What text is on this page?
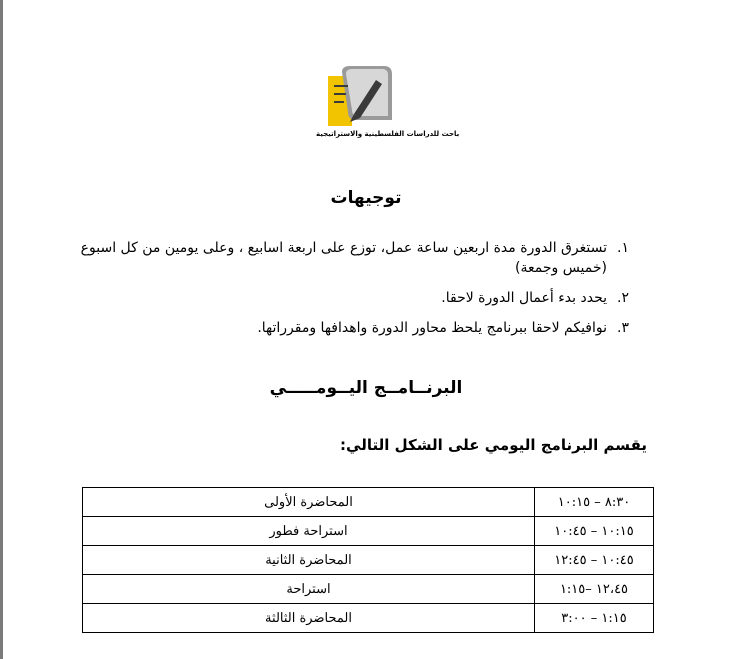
باحث للدراسات الفلسطينية والاستراتيجية
توجيهات
١.تستغرق الدورة مدة اربعين ساعة عمل، توزع على اربعة اسابيع ، وعلى يومين من كل اسبوع
(خميس وجمعة)
٢.يحدد بدء أعمال الدورة لاحقا.
٣.نوافيكم لاحقا ببرنامج يلحظ محاور الدورة واهدافها ومقرراتها.
البرنــامــج اليــومـــــي
يقسم البرنامج اليومي على الشكل التالي:
٨:٣٠ – ١٠:١٥	المحاضرة الأولى
١٠:١٥ – ١٠:٤٥	استراحة فطور
١٠:٤٥ – ١٢:٤٥	المحاضرة الثانية
١٢،٤٥ –١:١٥	استراحة
١:١٥ – ٣:٠٠	المحاضرة الثالثة
